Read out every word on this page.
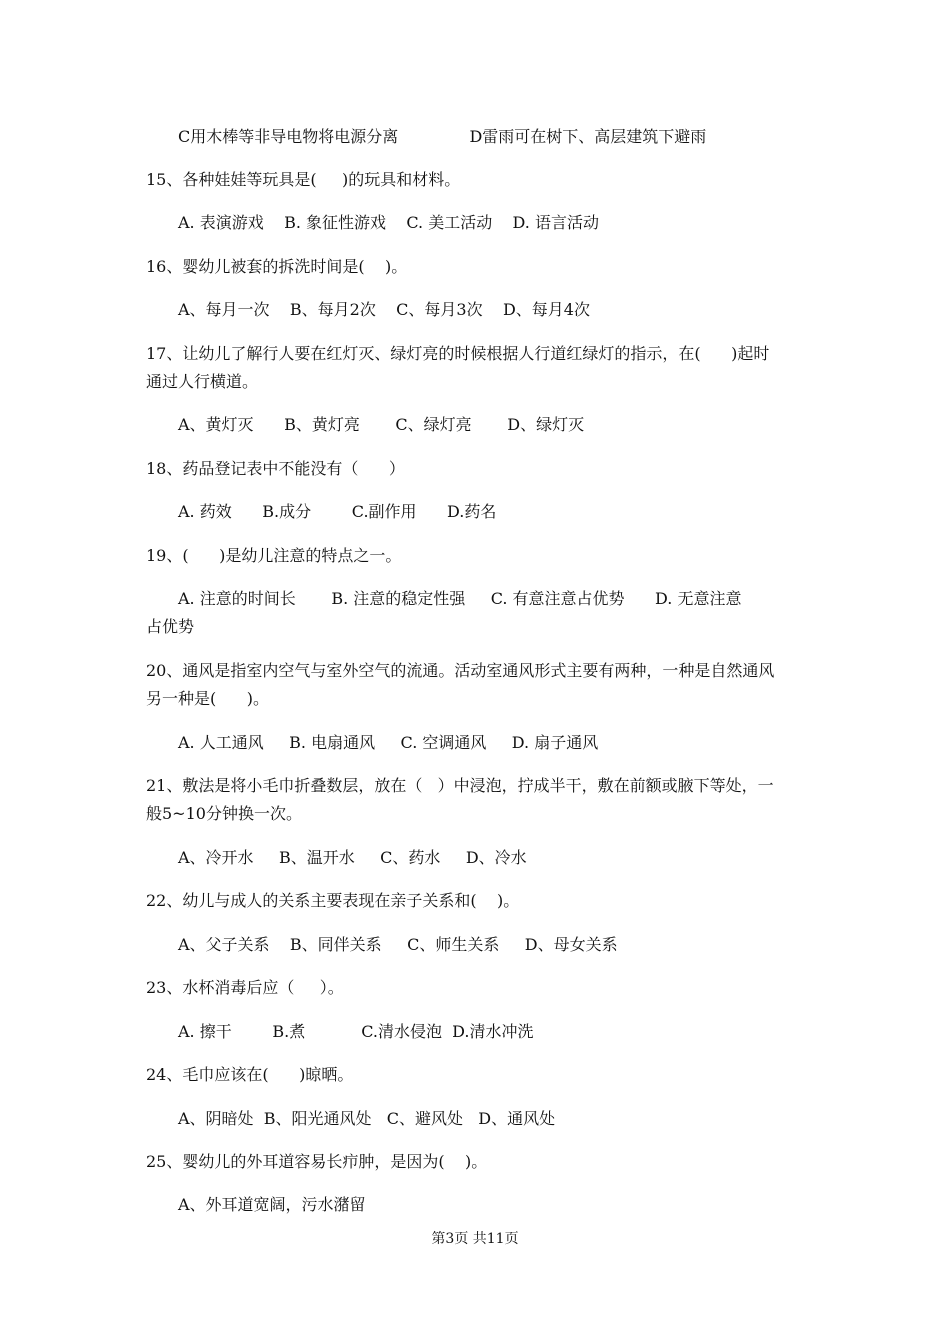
C用木棒等非导电物将电源分离              D雷雨可在树下、高层建筑下避雨
15、各种娃娃等玩具是(     )的玩具和材料。
A. 表演游戏    B. 象征性游戏    C. 美工活动    D. 语言活动
16、婴幼儿被套的拆洗时间是(    )。
A、每月一次    B、每月2次    C、每月3次    D、每月4次
17、让幼儿了解行人要在红灯灭、绿灯亮的时候根据人行道红绿灯的指示，在(      )起时
通过人行横道。
A、黄灯灭      B、黄灯亮       C、绿灯亮       D、绿灯灭
18、药品登记表中不能没有（      ）
A. 药效      B.成分        C.副作用      D.药名
19、(      )是幼儿注意的特点之一。
A. 注意的时间长       B. 注意的稳定性强     C. 有意注意占优势      D. 无意注意
占优势
20、通风是指室内空气与室外空气的流通。活动室通风形式主要有两种，一种是自然通风
另一种是(      )。
A. 人工通风     B. 电扇通风     C. 空调通风     D. 扇子通风
21、敷法是将小毛巾折叠数层，放在（   ）中浸泡，拧成半干，敷在前额或腋下等处，一
般5~10分钟换一次。
A、冷开水     B、温开水     C、药水     D、冷水
22、幼儿与成人的关系主要表现在亲子关系和(    )。
A、父子关系    B、同伴关系     C、师生关系     D、母女关系
23、水杯消毒后应（     ）。
A. 擦干        B.煮           C.清水侵泡  D.清水冲洗
24、毛巾应该在(      )晾晒。
A、阴暗处  B、阳光通风处   C、避风处   D、通风处
25、婴幼儿的外耳道容易长疖肿，是因为(    )。
A、外耳道宽阔，污水潴留
第3页 共11页
